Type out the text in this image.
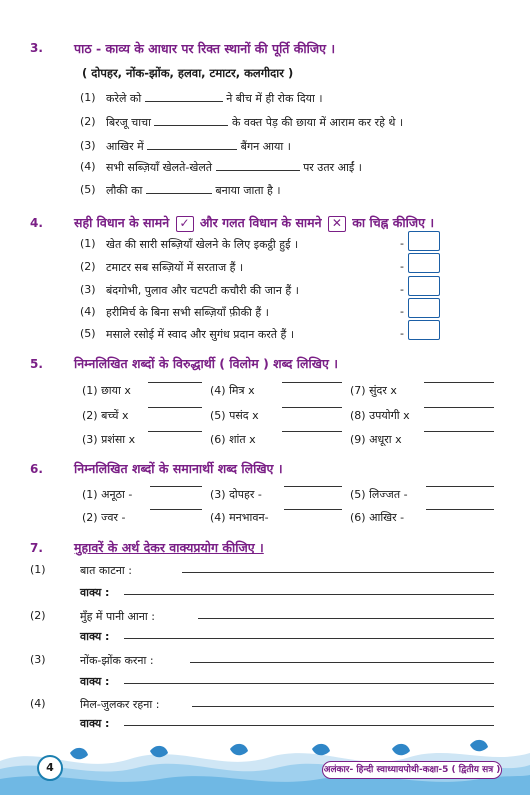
3. पाठ - काव्य के आधार पर रिक्त स्थानों की पूर्ति कीजिए ।
( दोपहर, नोंक-झोंक, हलवा, टमाटर, कलगीदार )
(1) करेले को	ने बीच में ही रोक दिया ।
(2) बिरजू चाचा	के वक्त पेड़ की छाया में आराम कर रहे थे ।
(3) आखिर में	बैंगन आया ।
(4) सभी सब्ज़ियाँ खेलते-खेलते	पर उतर आईं ।
(5) लौकी का	बनाया जाता है ।
4. सही विधान के सामने ✓ और गलत विधान के सामने ✕ का चिह्न कीजिए ।
(1) खेत की सारी सब्ज़ियाँ खेलने के लिए इकट्ठी हुई ।	-
(2) टमाटर सब सब्ज़ियों में सरताज हैं ।	-
(3) बंदगोभी, पुलाव और चटपटी कचौरी की जान हैं ।	-
(4) हरीमिर्च के बिना सभी सब्ज़ियाँ फ़ीकी हैं ।	-
(5) मसाले रसोई में स्वाद और सुगंध प्रदान करते हैं ।	-
5. निम्नलिखित शब्दों के विरुद्धार्थी ( विलोम ) शब्द लिखिए ।
(1) छाया x	(4) मित्र x	(7) सुंदर x
(2) बच्चें x	(5) पसंद x	(8) उपयोगी x
(3) प्रशंसा x	(6) शांत x	(9) अधूरा x
6. निम्नलिखित शब्दों के समानार्थी शब्द लिखिए ।
(1) अनूठा -	(3) दोपहर -	(5) लिज्जत -
(2) ज्वर -	(4) मनभावन-	(6) आखिर -
7. मुहावरें के अर्थ देकर वाक्यप्रयोग कीजिए ।
(1)	बात काटना :
वाक्य :
(2)	मुँह में पानी आना :
वाक्य :
(3)	नोंक-झोंक करना :
वाक्य :
(4)	मिल-जुलकर रहना :
वाक्य :
4	अलंकार- हिन्दी स्वाध्यायपोथी-कक्षा-5 ( द्वितीय सत्र )
